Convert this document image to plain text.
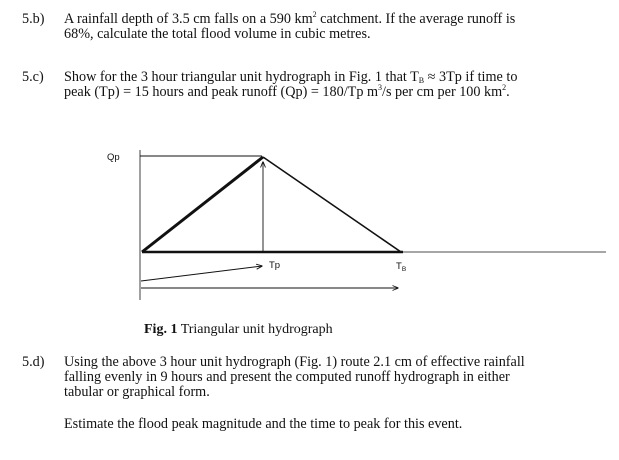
5.b)	A rainfall depth of 3.5 cm falls on a 590 $km^2$ catchment. If the average runoff is
68%, calculate the total flood volume in cubic metres.
5.c)	Show for the 3 hour triangular unit hydrograph in Fig. 1 that $T_B \approx 3Tp$ if time to
peak (Tp) = 15 hours and peak runoff (Qp) = 180/Tp $m^3/s$ per cm per 100 $km^2$.
Qp
Tp	$T_B$
Fig. 1 Triangular unit hydrograph
5.d)	Using the above 3 hour unit hydrograph (Fig. 1) route 2.1 cm of effective rainfall
falling evenly in 9 hours and present the computed runoff hydrograph in either
tabular or graphical form.
Estimate the flood peak magnitude and the time to peak for this event.
